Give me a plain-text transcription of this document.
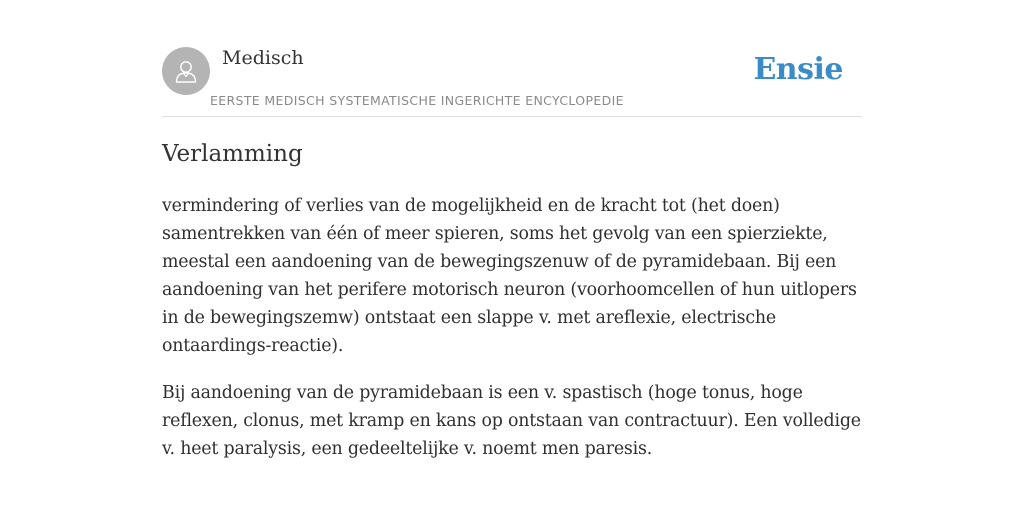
Medisch
EERSTE MEDISCH SYSTEMATISCHE INGERICHTE ENCYCLOPEDIE
Ensie
Verlamming

vermindering of verlies van de mogelijkheid en de kracht tot (het doen) samentrekken van één of meer spieren, soms het gevolg van een spierziekte, meestal een aandoening van de bewegingszenuw of de pyramidebaan. Bij een aandoening van het perifere motorisch neuron (voorhoomcellen of hun uitlopers in de bewegingszemw) ontstaat een slappe v. met areflexie, electrische ontaardings-reactie).

Bij aandoening van de pyramidebaan is een v. spastisch (hoge tonus, hoge reflexen, clonus, met kramp en kans op ontstaan van contractuur). Een volledige v. heet paralysis, een gedeeltelijke v. noemt men paresis.
